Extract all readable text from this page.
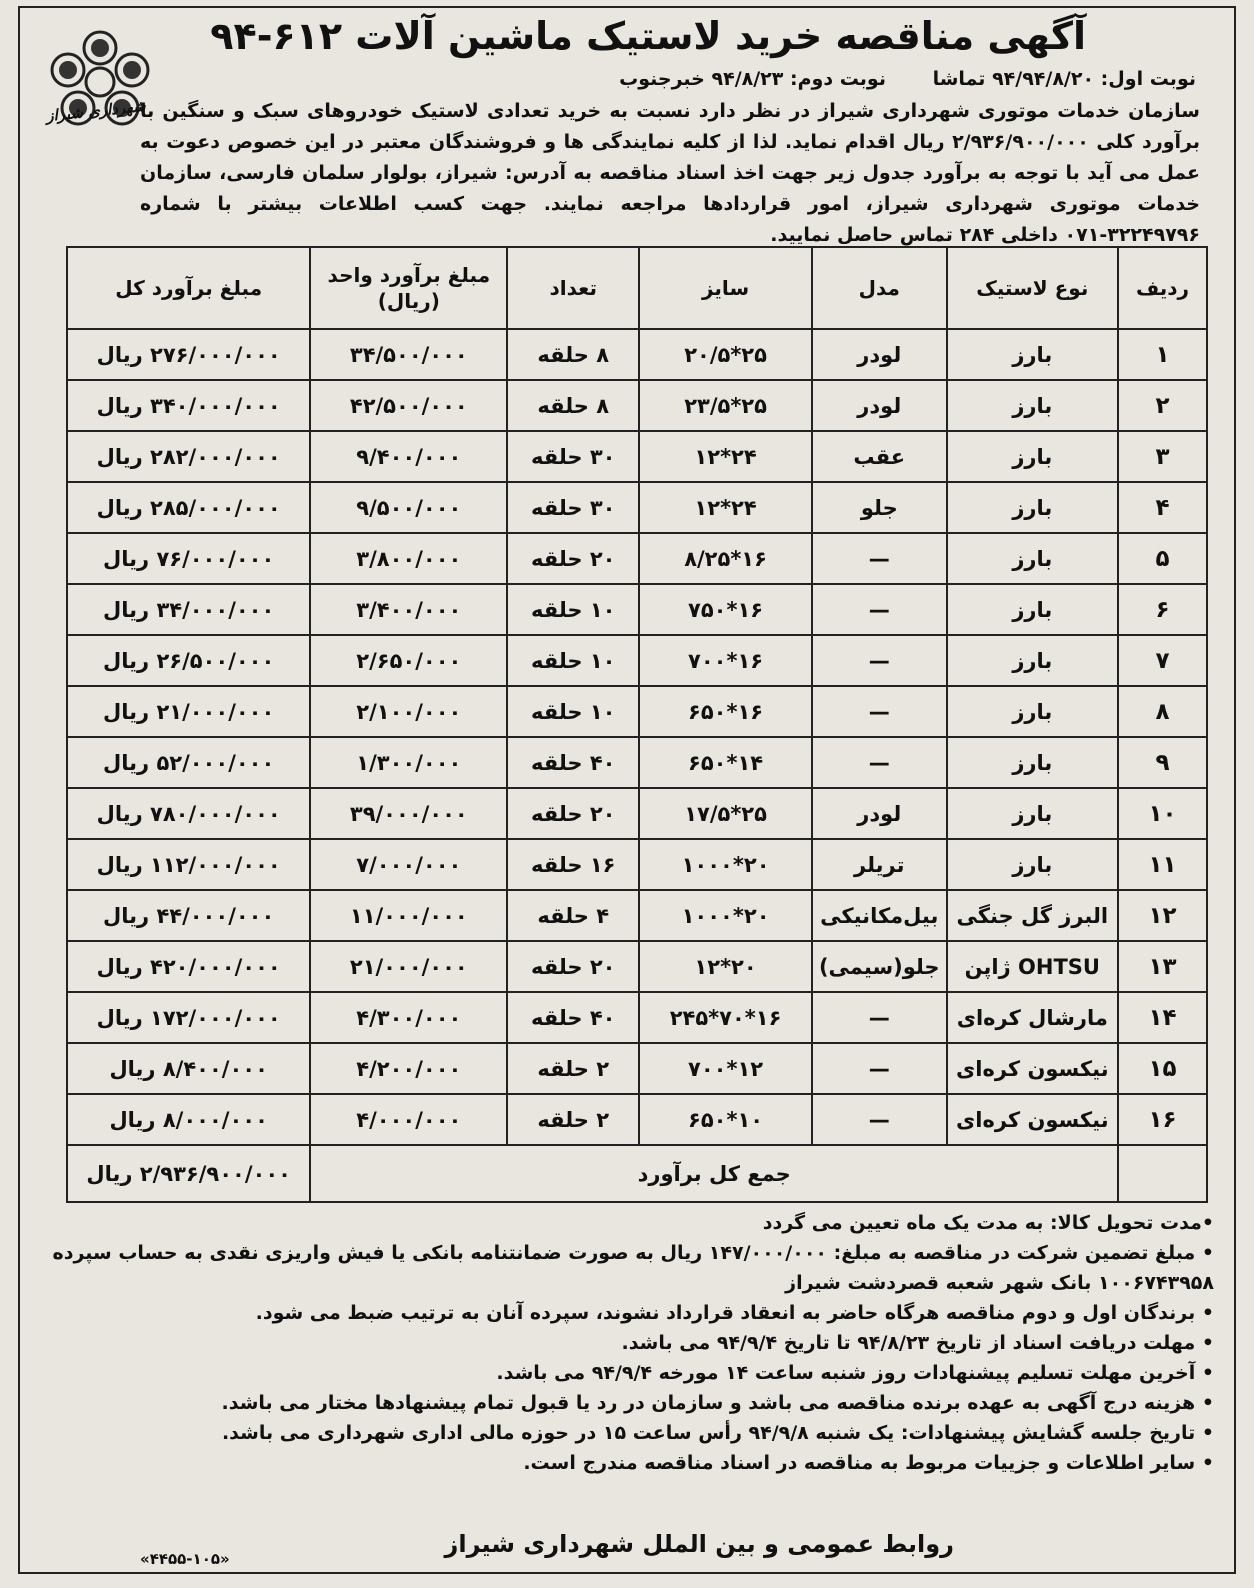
شهرداری شیراز
آگهی مناقصه خرید لاستیک ماشین آلات ۶۱۲-۹۴
نوبت اول: ۹۴/۹۴/۸/۲۰ تماشا نوبت دوم: ۹۴/۸/۲۳ خبرجنوب
سازمان خدمات موتوری شهرداری شیراز در نظر دارد نسبت به خرید تعدادی لاستیک خودروهای سبک و سنگین با برآورد کلی ۲/۹۳۶/۹۰۰/۰۰۰ ریال اقدام نماید. لذا از کلیه نمایندگی ها و فروشندگان معتبر در این خصوص دعوت به عمل می آید با توجه به برآورد جدول زیر جهت اخذ اسناد مناقصه به آدرس: شیراز، بولوار سلمان فارسی، سازمان خدمات موتوری شهرداری شیراز، امور قراردادها مراجعه نمایند. جهت کسب اطلاعات بیشتر با شماره ۳۲۲۴۹۷۹۶-۰۷۱ داخلی ۲۸۴ تماس حاصل نمایید.
ردیف	نوع لاستیک	مدل	سایز	تعداد	مبلغ برآورد واحد (ریال)	مبلغ برآورد کل
۱	بارز	لودر	۲۵*۲۰/۵	۸ حلقه	۳۴/۵۰۰/۰۰۰	۲۷۶/۰۰۰/۰۰۰ ریال
۲	بارز	لودر	۲۵*۲۳/۵	۸ حلقه	۴۲/۵۰۰/۰۰۰	۳۴۰/۰۰۰/۰۰۰ ریال
۳	بارز	عقب	۲۴*۱۲	۳۰ حلقه	۹/۴۰۰/۰۰۰	۲۸۲/۰۰۰/۰۰۰ ریال
۴	بارز	جلو	۲۴*۱۲	۳۰ حلقه	۹/۵۰۰/۰۰۰	۲۸۵/۰۰۰/۰۰۰ ریال
۵	بارز	—	۱۶*۸/۲۵	۲۰ حلقه	۳/۸۰۰/۰۰۰	۷۶/۰۰۰/۰۰۰ ریال
۶	بارز	—	۱۶*۷۵۰	۱۰ حلقه	۳/۴۰۰/۰۰۰	۳۴/۰۰۰/۰۰۰ ریال
۷	بارز	—	۱۶*۷۰۰	۱۰ حلقه	۲/۶۵۰/۰۰۰	۲۶/۵۰۰/۰۰۰ ریال
۸	بارز	—	۱۶*۶۵۰	۱۰ حلقه	۲/۱۰۰/۰۰۰	۲۱/۰۰۰/۰۰۰ ریال
۹	بارز	—	۱۴*۶۵۰	۴۰ حلقه	۱/۳۰۰/۰۰۰	۵۲/۰۰۰/۰۰۰ ریال
۱۰	بارز	لودر	۲۵*۱۷/۵	۲۰ حلقه	۳۹/۰۰۰/۰۰۰	۷۸۰/۰۰۰/۰۰۰ ریال
۱۱	بارز	تریلر	۲۰*۱۰۰۰	۱۶ حلقه	۷/۰۰۰/۰۰۰	۱۱۲/۰۰۰/۰۰۰ ریال
۱۲	البرز گل جنگی	بیل‌مکانیکی	۲۰*۱۰۰۰	۴ حلقه	۱۱/۰۰۰/۰۰۰	۴۴/۰۰۰/۰۰۰ ریال
۱۳	OHTSU ژاپن	جلو(سیمی)	۲۰*۱۲	۲۰ حلقه	۲۱/۰۰۰/۰۰۰	۴۲۰/۰۰۰/۰۰۰ ریال
۱۴	مارشال کره‌ای	—	۱۶*۷۰*۲۴۵	۴۰ حلقه	۴/۳۰۰/۰۰۰	۱۷۲/۰۰۰/۰۰۰ ریال
۱۵	نیکسون کره‌ای	—	۱۲*۷۰۰	۲ حلقه	۴/۲۰۰/۰۰۰	۸/۴۰۰/۰۰۰ ریال
۱۶	نیکسون کره‌ای	—	۱۰*۶۵۰	۲ حلقه	۴/۰۰۰/۰۰۰	۸/۰۰۰/۰۰۰ ریال
	جمع کل برآورد					۲/۹۳۶/۹۰۰/۰۰۰ ریال

•مدت تحویل کالا: به مدت یک ماه تعیین می گردد

• مبلغ تضمین شرکت در مناقصه به مبلغ: ۱۴۷/۰۰۰/۰۰۰ ریال به صورت ضمانتنامه بانکی یا فیش واریزی نقدی به حساب سپرده ۱۰۰۶۷۴۳۹۵۸ بانک شهر شعبه قصردشت شیراز

• برندگان اول و دوم مناقصه هرگاه حاضر به انعقاد قرارداد نشوند، سپرده آنان به ترتیب ضبط می شود.

• مهلت دریافت اسناد از تاریخ ۹۴/۸/۲۳ تا تاریخ ۹۴/۹/۴ می باشد.

• آخرین مهلت تسلیم پیشنهادات روز شنبه ساعت ۱۴ مورخه ۹۴/۹/۴ می باشد.

• هزینه درج آگهی به عهده برنده مناقصه می باشد و سازمان در رد یا قبول تمام پیشنهادها مختار می باشد.

• تاریخ جلسه گشایش پیشنهادات: یک شنبه ۹۴/۹/۸ رأس ساعت ۱۵ در حوزه مالی اداری شهرداری می باشد.

• سایر اطلاعات و جزییات مربوط به مناقصه در اسناد مناقصه مندرج است.

روابط عمومی و بین الملل شهرداری شیراز
«۴۴۵۵-۱۰۵»
